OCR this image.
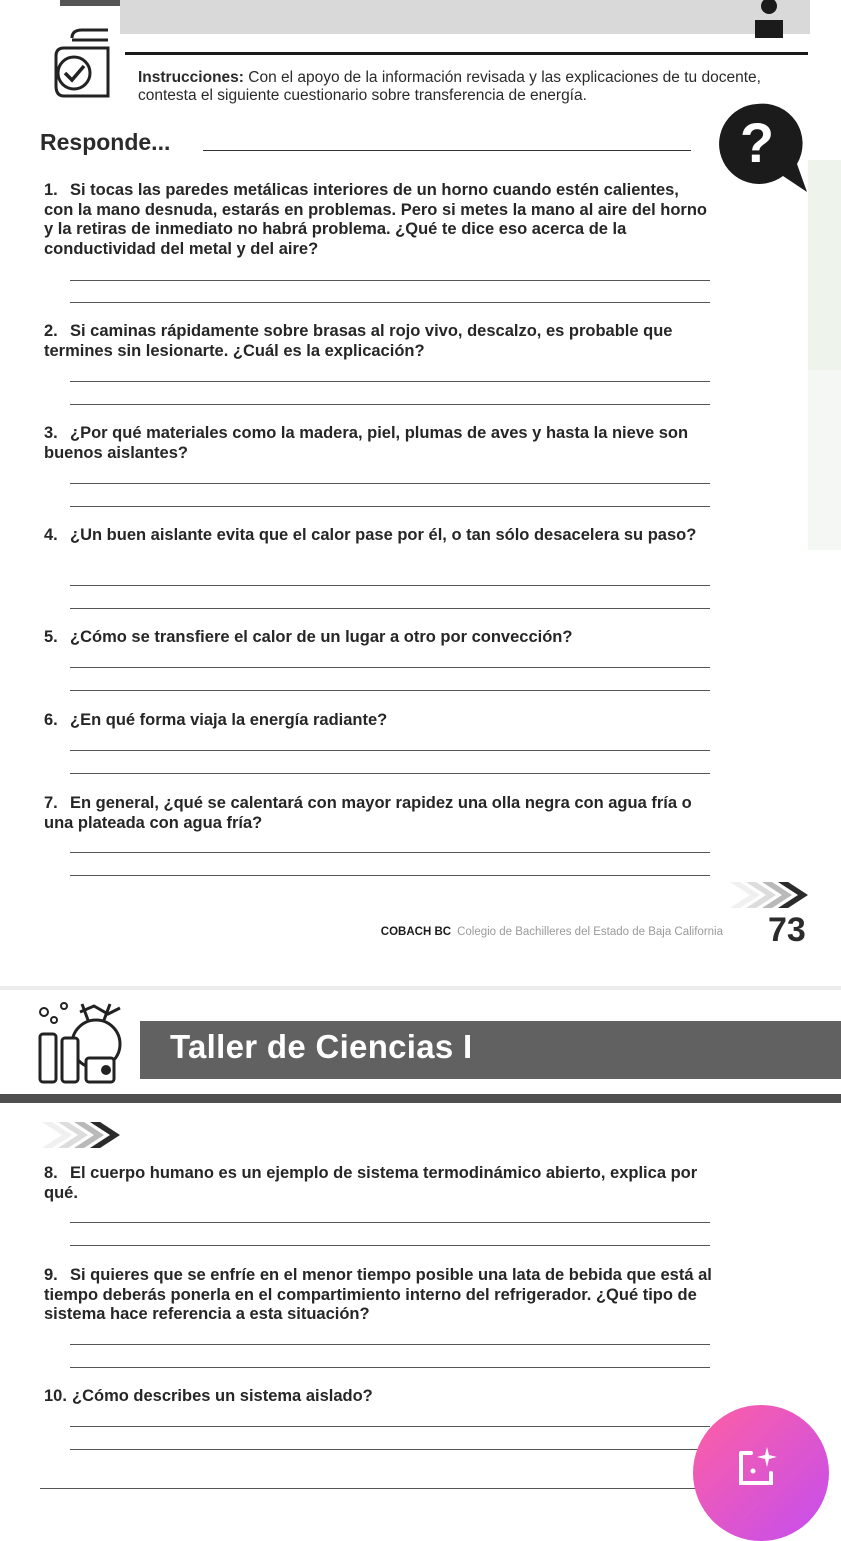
Instrucciones: Con el apoyo de la información revisada y las explicaciones de tu docente, contesta el siguiente cuestionario sobre transferencia de energía.
Responde...	?
1. Si tocas las paredes metálicas interiores de un horno cuando estén calientes, con la mano desnuda, estarás en problemas. Pero si metes la mano al aire del horno y la retiras de inmediato no habrá problema. ¿Qué te dice eso acerca de la conductividad del metal y del aire?
2. Si caminas rápidamente sobre brasas al rojo vivo, descalzo, es probable que termines sin lesionarte. ¿Cuál es la explicación?
3. ¿Por qué materiales como la madera, piel, plumas de aves y hasta la nieve son buenos aislantes?
4. ¿Un buen aislante evita que el calor pase por él, o tan sólo desacelera su paso?
5. ¿Cómo se transfiere el calor de un lugar a otro por convección?
6. ¿En qué forma viaja la energía radiante?
7. En general, ¿qué se calentará con mayor rapidez una olla negra con agua fría o una plateada con agua fría?
COBACH BC Colegio de Bachilleres del Estado de Baja California 73
Taller de Ciencias I
8. El cuerpo humano es un ejemplo de sistema termodinámico abierto, explica por qué.
9. Si quieres que se enfríe en el menor tiempo posible una lata de bebida que está al tiempo deberás ponerla en el compartimiento interno del refrigerador. ¿Qué tipo de sistema hace referencia a esta situación?
10. ¿Cómo describes un sistema aislado?
